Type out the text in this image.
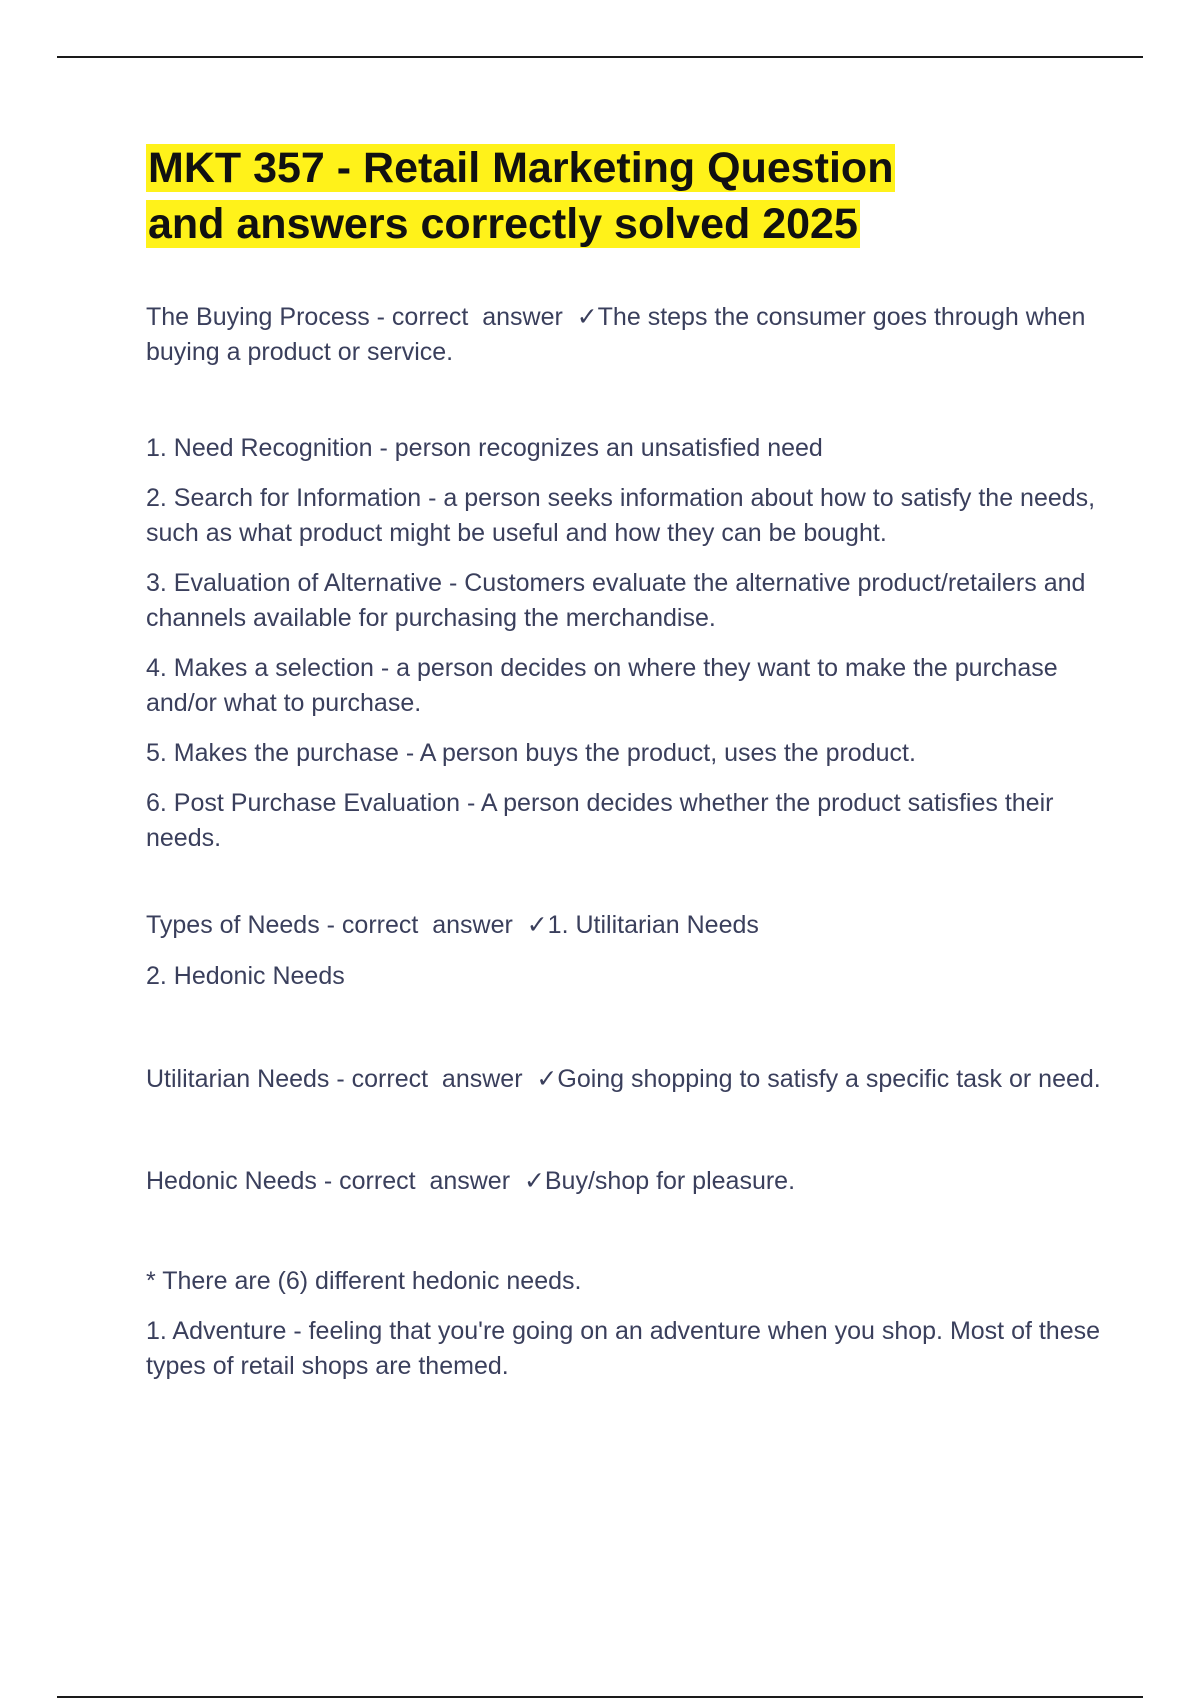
MKT 357 - Retail Marketing Question
and answers correctly solved 2025

The Buying Process - correct  answer  ✓The steps the consumer goes through when buying a product or service.

1. Need Recognition - person recognizes an unsatisfied need

2. Search for Information - a person seeks information about how to satisfy the needs, such as what product might be useful and how they can be bought.

3. Evaluation of Alternative - Customers evaluate the alternative product/retailers and channels available for purchasing the merchandise.

4. Makes a selection - a person decides on where they want to make the purchase and/or what to purchase.

5. Makes the purchase - A person buys the product, uses the product.

6. Post Purchase Evaluation - A person decides whether the product satisfies their needs.

Types of Needs - correct  answer  ✓1. Utilitarian Needs

2. Hedonic Needs

Utilitarian Needs - correct  answer  ✓Going shopping to satisfy a specific task or need.

Hedonic Needs - correct  answer  ✓Buy/shop for pleasure.

* There are (6) different hedonic needs.

1. Adventure - feeling that you're going on an adventure when you shop. Most of these types of retail shops are themed.
